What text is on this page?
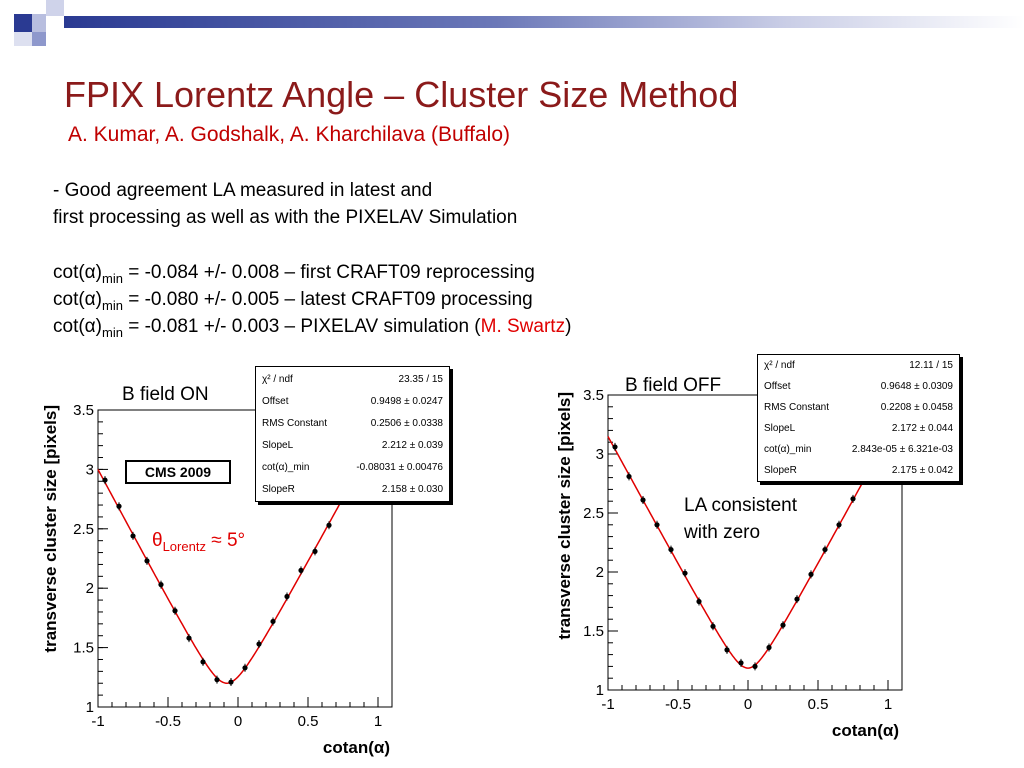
FPIX Lorentz Angle – Cluster Size Method
A. Kumar, A. Godshalk, A. Kharchilava (Buffalo)
- Good agreement LA measured in latest and
first processing as well as with the PIXELAV Simulation
$\cot(\alpha)_{min} = -0.084$ +/- 0.008 – first CRAFT09 reprocessing
$\cot(\alpha)_{min} = -0.080$ +/- 0.005 – latest CRAFT09 processing
$\cot(\alpha)_{min} = -0.081$ +/- 0.003 – PIXELAV simulation (M. Swartz)
-1	-0.5	0	0.5	1
1
1.5
2
2.5
3
3.5
cotan(α)
transverse cluster size [pixels]
B field ON
CMS 2009
$\theta_{Lorentz} \approx 5^\circ$
χ² / ndf	23.35 / 15
Offset	0.9498 ± 0.0247
RMS Constant	0.2506 ± 0.0338
SlopeL	2.212 ± 0.039
cot(α)_min	-0.08031 ± 0.00476
SlopeR	2.158 ± 0.030
-1	-0.5	0	0.5	1
1
1.5
2
2.5
3
3.5
cotan(α)
transverse cluster size [pixels]
B field OFF
LA consistent
with zero
χ² / ndf	12.11 / 15
Offset	0.9648 ± 0.0309
RMS Constant	0.2208 ± 0.0458
SlopeL	2.172 ± 0.044
cot(α)_min	2.843e-05 ± 6.321e-03
SlopeR	2.175 ± 0.042
